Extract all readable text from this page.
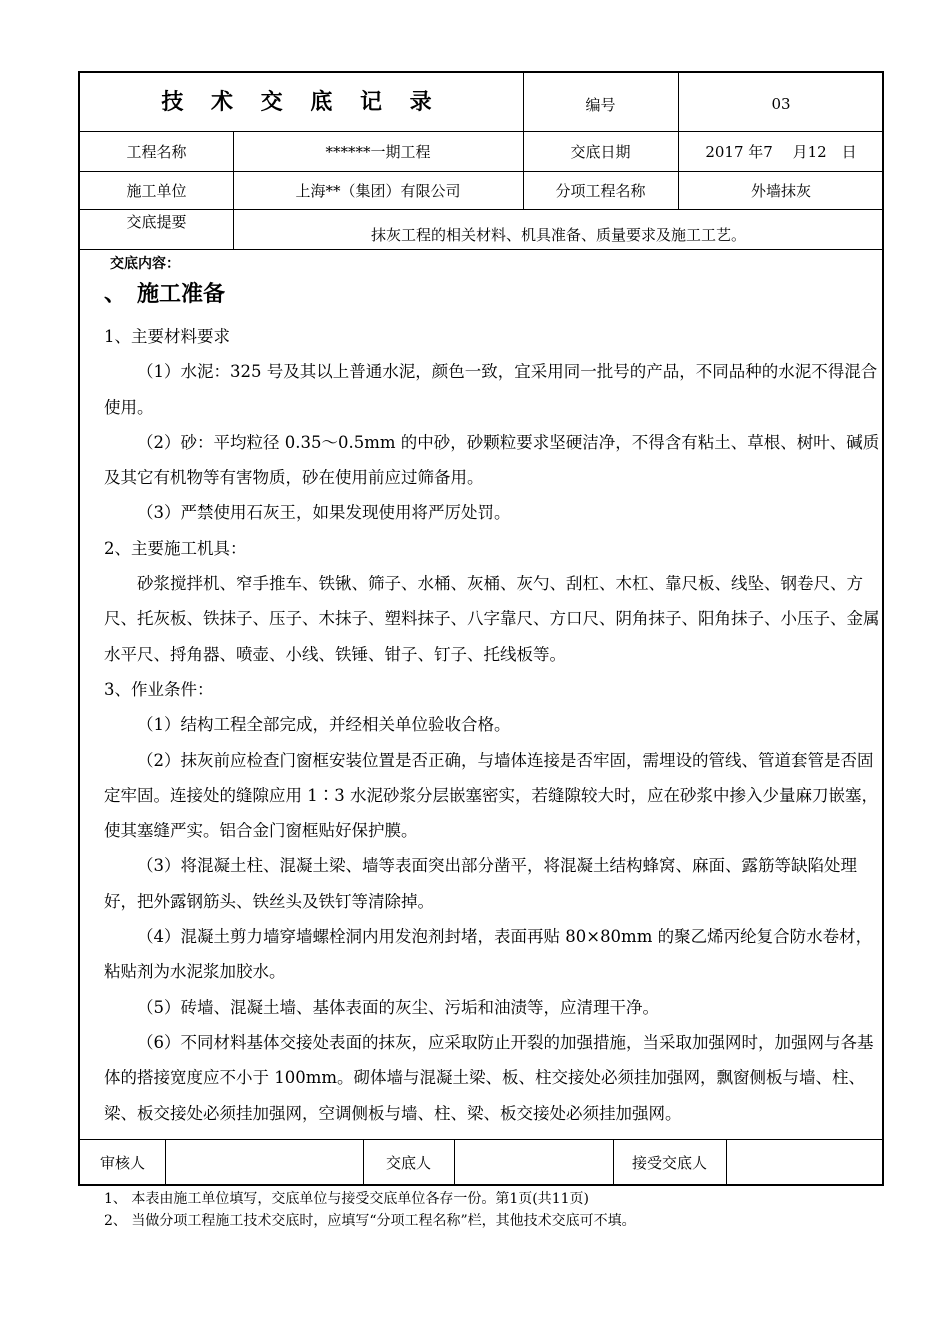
技 术 交 底 记 录	编号	03
工程名称	******一期工程	交底日期	2017 年7　 月12　日
施工单位	上海**（集团）有限公司	分项工程名称	外墙抹灰
交底提要
抹灰工程的相关材料、机具准备、质量要求及施工工艺。
交底内容：
、　施工准备

1、主要材料要求

（1）水泥：325 号及其以上普通水泥，颜色一致，宜采用同一批号的产品，不同品种的水泥不得混合使用。

（2）砂：平均粒径 0.35～0.5mm 的中砂，砂颗粒要求坚硬洁净，不得含有粘土、草根、树叶、碱质及其它有机物等有害物质，砂在使用前应过筛备用。

（3）严禁使用石灰王，如果发现使用将严厉处罚。

2、主要施工机具：

砂浆搅拌机、窄手推车、铁锹、筛子、水桶、灰桶、灰勺、刮杠、木杠、靠尺板、线坠、钢卷尺、方尺、托灰板、铁抹子、压子、木抹子、塑料抹子、八字靠尺、方口尺、阴角抹子、阳角抹子、小压子、金属水平尺、捋角器、喷壶、小线、铁锤、钳子、钉子、托线板等。

3、作业条件：

（1）结构工程全部完成，并经相关单位验收合格。

（2）抹灰前应检查门窗框安装位置是否正确，与墙体连接是否牢固，需埋设的管线、管道套管是否固定牢固。连接处的缝隙应用 1∶3 水泥砂浆分层嵌塞密实，若缝隙较大时，应在砂浆中掺入少量麻刀嵌塞，使其塞缝严实。铝合金门窗框贴好保护膜。

（3）将混凝土柱、混凝土梁、墙等表面突出部分凿平，将混凝土结构蜂窝、麻面、露筋等缺陷处理好，把外露钢筋头、铁丝头及铁钉等清除掉。

（4）混凝土剪力墙穿墙螺栓洞内用发泡剂封堵，表面再贴 80×80mm 的聚乙烯丙纶复合防水卷材，粘贴剂为水泥浆加胶水。

（5）砖墙、混凝土墙、基体表面的灰尘、污垢和油渍等，应清理干净。

（6）不同材料基体交接处表面的抹灰，应采取防止开裂的加强措施，当采取加强网时，加强网与各基体的搭接宽度应不小于 100mm。砌体墙与混凝土梁、板、柱交接处必须挂加强网，飘窗侧板与墙、柱、梁、板交接处必须挂加强网，空调侧板与墙、柱、梁、板交接处必须挂加强网。

审核人	交底人	接受交底人

1、 本表由施工单位填写，交底单位与接受交底单位各存一份。第1页(共11页)

2、 当做分项工程施工技术交底时，应填写“分项工程名称”栏，其他技术交底可不填。
